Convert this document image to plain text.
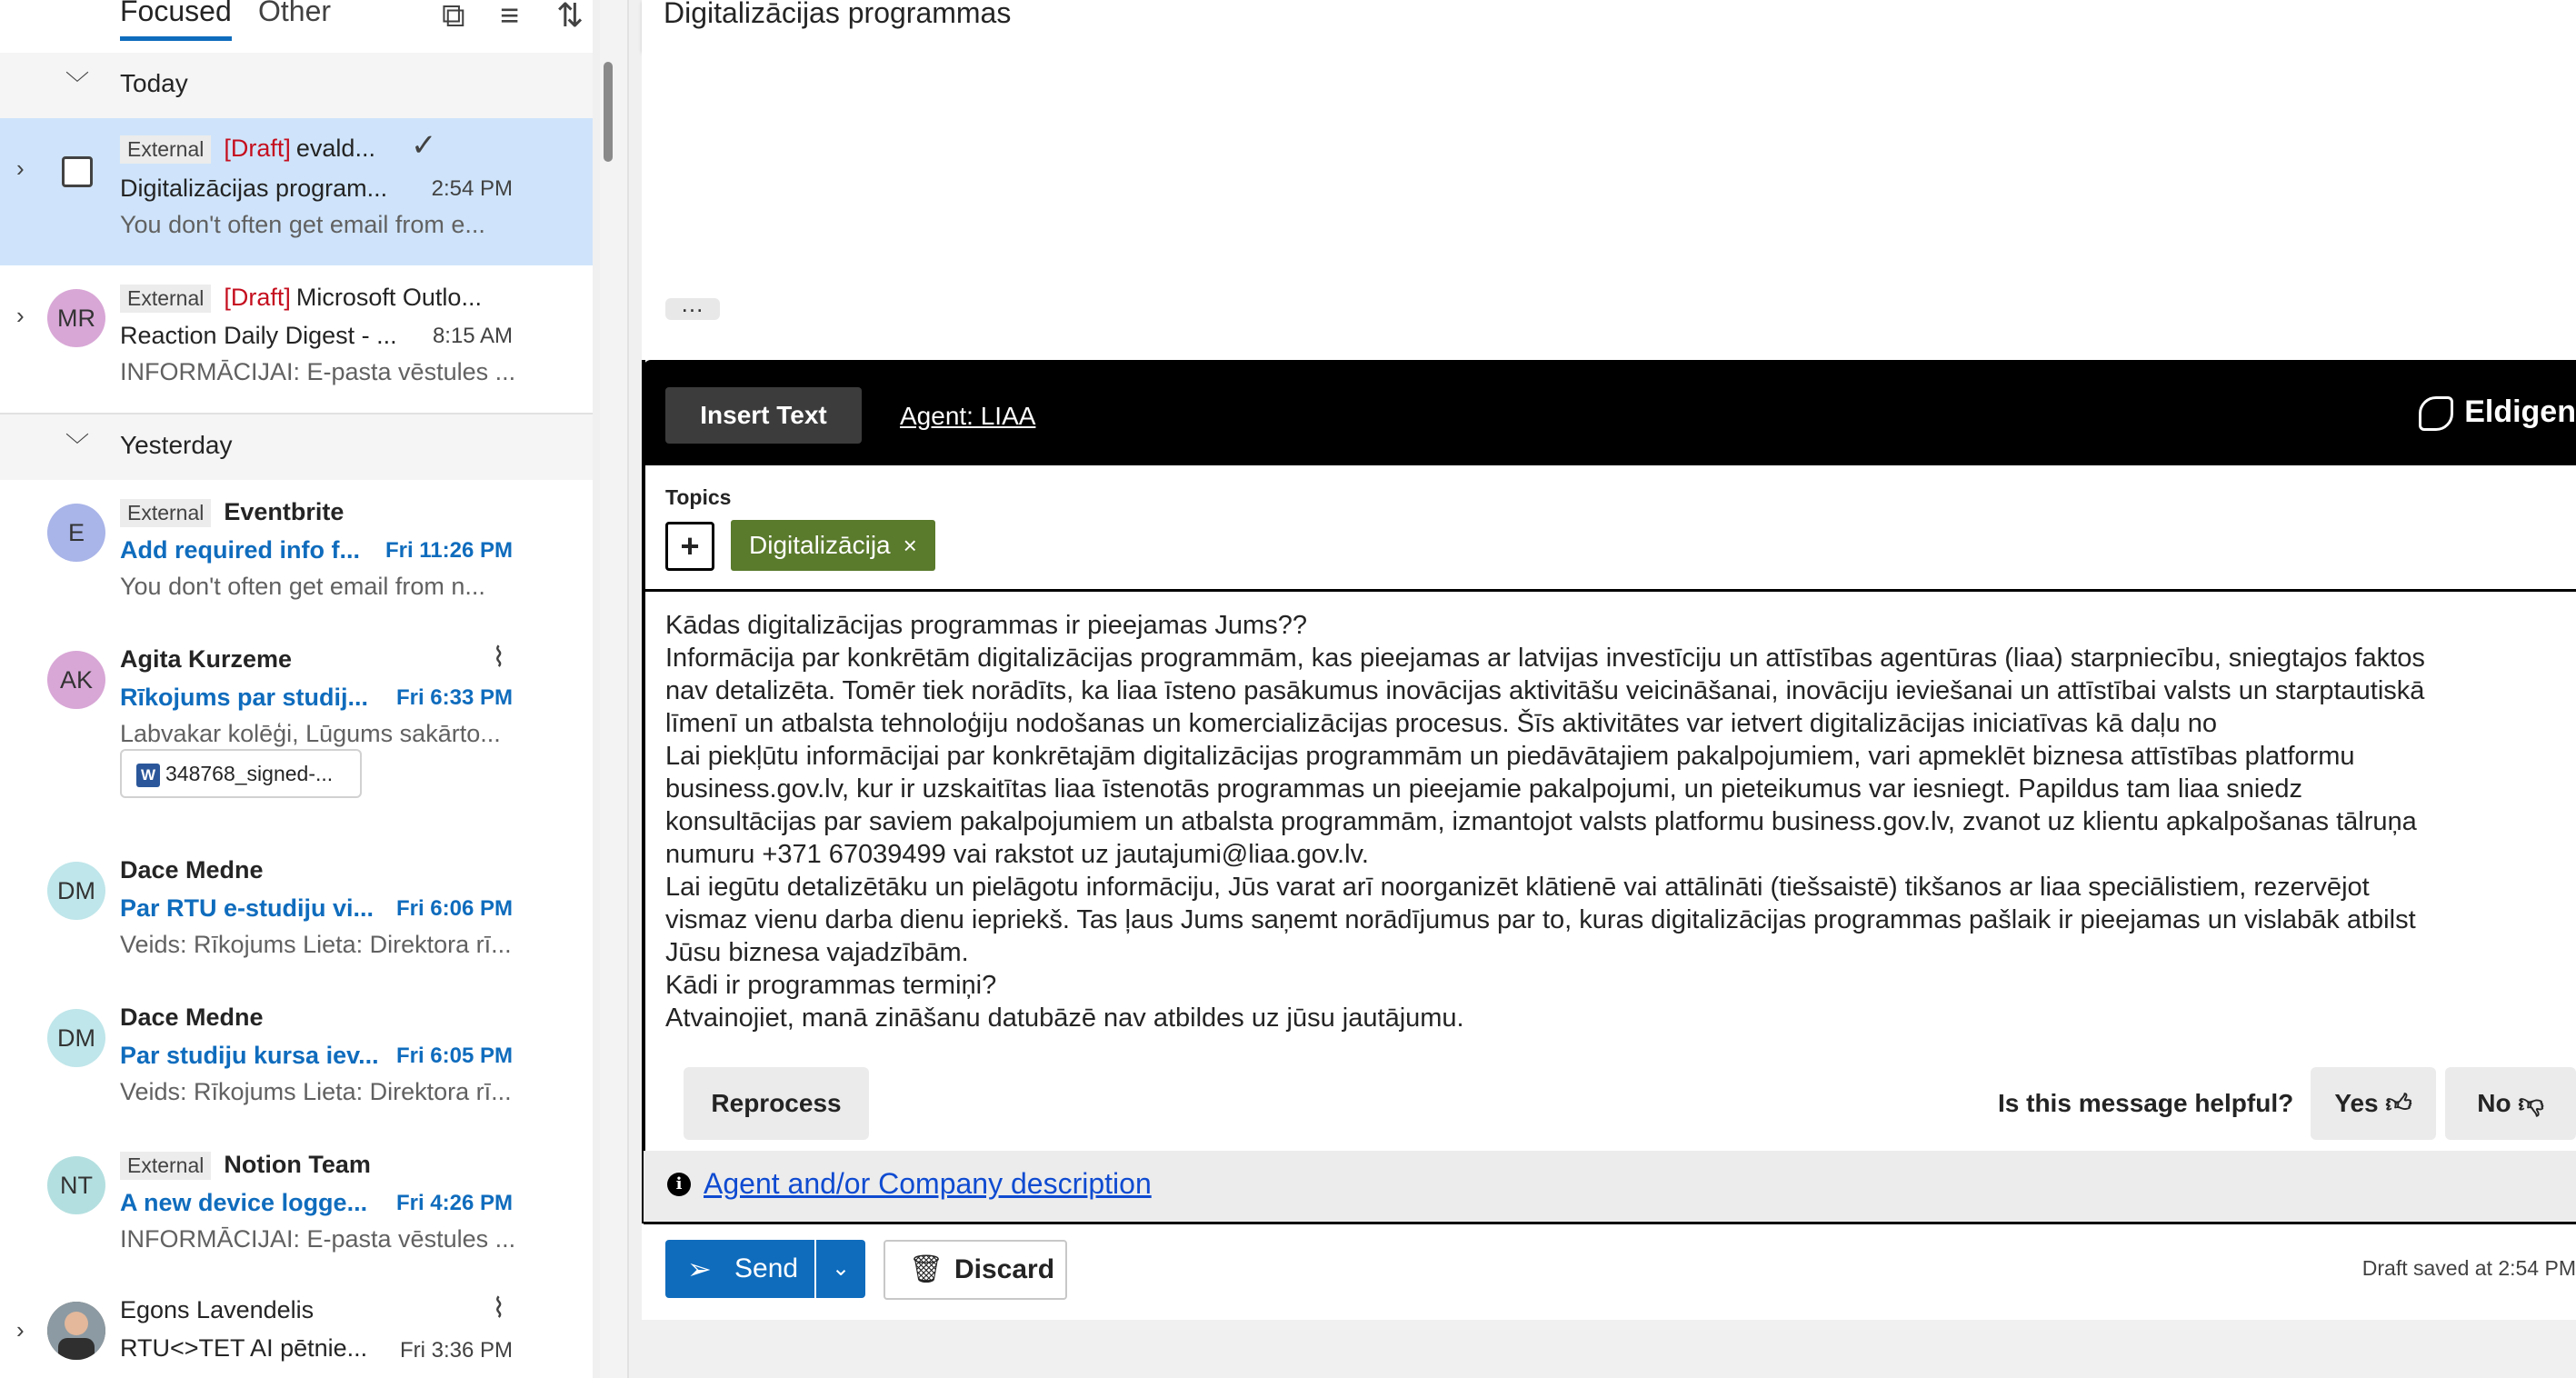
Focused Other	⧉ ≡ ⇅
﹀ Today
›
External [Draft] evald... ✓
Digitalizācijas program... 2:54 PM
You don't often get email from e...
›	MR
External [Draft] Microsoft Outlo...
Reaction Daily Digest - ... 8:15 AM
INFORMĀCIJAI: E-pasta vēstules ...
﹀ Yesterday
E
External Eventbrite
Add required info f... Fri 11:26 PM
You don't often get email from n...
AK
Agita Kurzeme	⌇
Rīkojums par studij... Fri 6:33 PM
Labvakar kolēģi, Lūgums sakārto...
W 348768_signed-...
DM
Dace Medne
Par RTU e-studiju vi... Fri 6:06 PM
Veids: Rīkojums Lieta: Direktora rī...
DM
Dace Medne
Par studiju kursa iev... Fri 6:05 PM
Veids: Rīkojums Lieta: Direktora rī...
NT
External Notion Team
A new device logge... Fri 4:26 PM
INFORMĀCIJAI: E-pasta vēstules ...
›
Egons Lavendelis	⌇
RTU<>TET AI pētnie... Fri 3:36 PM
Digitalizācijas programmas
...
Insert Text	Agent: LIAA	Eldigen
Topics
+	Digitalizācija ×
Kādas digitalizācijas programmas ir pieejamas Jums??
Informācija par konkrētām digitalizācijas programmām, kas pieejamas ar latvijas investīciju un attīstības agentūras (liaa) starpniecību, sniegtajos faktos
nav detalizēta. Tomēr tiek norādīts, ka liaa īsteno pasākumus inovācijas aktivitāšu veicināšanai, inovāciju ieviešanai un attīstībai valsts un starptautiskā
līmenī un atbalsta tehnoloģiju nodošanas un komercializācijas procesus. Šīs aktivitātes var ietvert digitalizācijas iniciatīvas kā daļu no
Lai piekļūtu informācijai par konkrētajām digitalizācijas programmām un piedāvātajiem pakalpojumiem, vari apmeklēt biznesa attīstības platformu
business.gov.lv, kur ir uzskaitītas liaa īstenotās programmas un pieejamie pakalpojumi, un pieteikumus var iesniegt. Papildus tam liaa sniedz
konsultācijas par saviem pakalpojumiem un atbalsta programmām, izmantojot valsts platformu business.gov.lv, zvanot uz klientu apkalpošanas tālruņa
numuru +371 67039499 vai rakstot uz jautajumi@liaa.gov.lv.
Lai iegūtu detalizētāku un pielāgotu informāciju, Jūs varat arī noorganizēt klātienē vai attālināti (tiešsaistē) tikšanos ar liaa speciālistiem, rezervējot
vismaz vienu darba dienu iepriekš. Tas ļaus Jums saņemt norādījumus par to, kuras digitalizācijas programmas pašlaik ir pieejamas un vislabāk atbilst
Jūsu biznesa vajadzībām.
Kādi ir programmas termiņi?
Atvainojiet, manā zināšanu datubāzē nav atbildes uz jūsu jautājumu.
Reprocess	Is this message helpful?	Yes 👍︎	No 👎︎
i Agent and/or Company description
➢ Send	⌄	🗑︎ Discard	Draft saved at 2:54 PM
